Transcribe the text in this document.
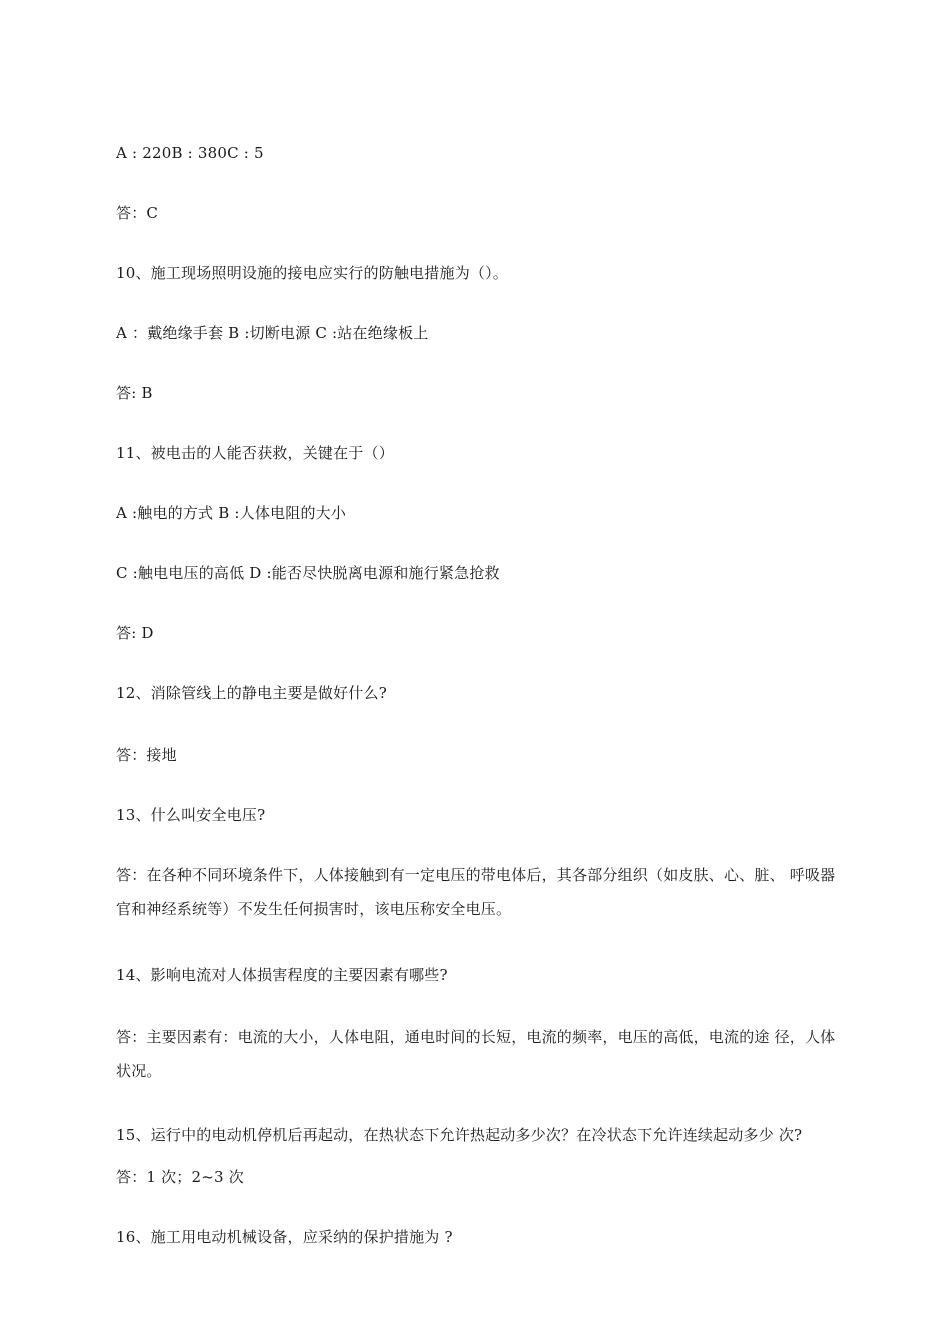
A : 220B : 380C : 5

答：C

10、施工现场照明设施的接电应实行的防触电措施为（）。

A ：戴绝缘手套 B :切断电源 C :站在绝缘板上

答: B

11、被电击的人能否获救，关键在于（）

A :触电的方式 B :人体电阻的大小

C :触电电压的高低 D :能否尽快脱离电源和施行紧急抢救

答: D

12、消除管线上的静电主要是做好什么?

答：接地

13、什么叫安全电压?

答：在各种不同环境条件下，人体接触到有一定电压的带电体后，其各部分组织（如皮肤、心、脏、 呼吸器官和神经系统等）不发生任何损害时，该电压称安全电压。

14、影响电流对人体损害程度的主要因素有哪些?

答：主要因素有：电流的大小，人体电阻，通电时间的长短，电流的频率，电压的高低，电流的途 径，人体状况。

15、运行中的电动机停机后再起动，在热状态下允许热起动多少次？在冷状态下允许连续起动多少 次?

答：1 次；2~3 次

16、施工用电动机械设备，应采纳的保护措施为 ?
